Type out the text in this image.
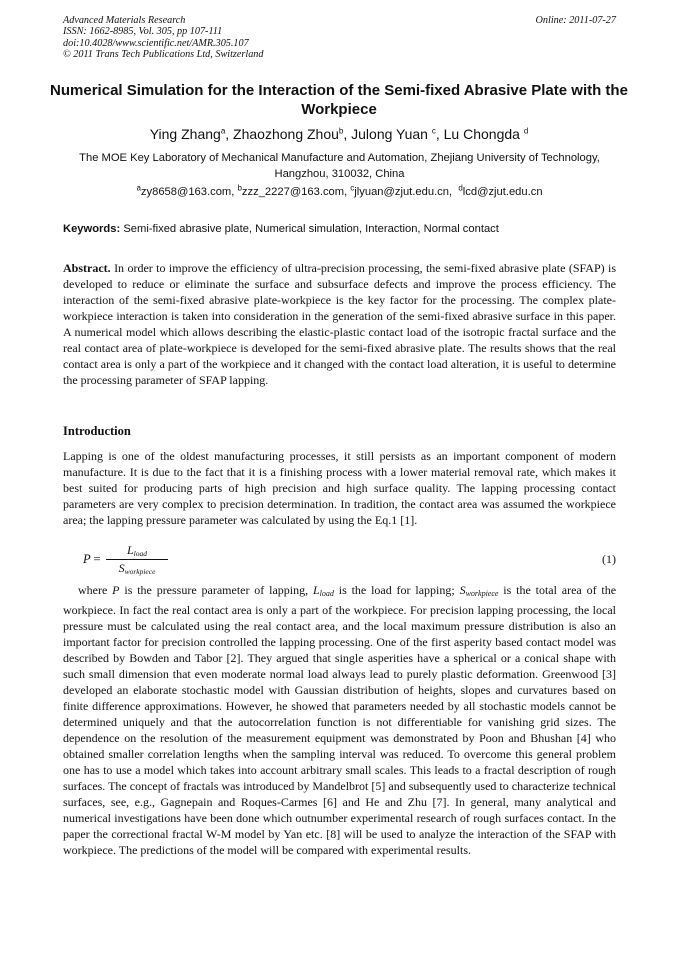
Advanced Materials Research
ISSN: 1662-8985, Vol. 305, pp 107-111
doi:10.4028/www.scientific.net/AMR.305.107
© 2011 Trans Tech Publications Ltd, Switzerland
Online: 2011-07-27
Numerical Simulation for the Interaction of the Semi-fixed Abrasive Plate with the Workpiece
Ying Zhang$^a$, Zhaozhong Zhou$^b$, Julong Yuan $^c$, Lu Chongda $^d$
The MOE Key Laboratory of Mechanical Manufacture and Automation, Zhejiang University of Technology, Hangzhou, 310032, China
$^a$zy8658@163.com, $^b$zzz_2227@163.com, $^c$jlyuan@zjut.edu.cn, $^d$lcd@zjut.edu.cn
Keywords: Semi-fixed abrasive plate, Numerical simulation, Interaction, Normal contact

Abstract. In order to improve the efficiency of ultra-precision processing, the semi-fixed abrasive plate (SFAP) is developed to reduce or eliminate the surface and subsurface defects and improve the process efficiency. The interaction of the semi-fixed abrasive plate-workpiece is the key factor for the processing. The complex plate-workpiece interaction is taken into consideration in the generation of the semi-fixed abrasive surface in this paper. A numerical model which allows describing the elastic-plastic contact load of the isotropic fractal surface and the real contact area of plate-workpiece is developed for the semi-fixed abrasive plate. The results shows that the real contact area is only a part of the workpiece and it changed with the contact load alteration, it is useful to determine the processing parameter of SFAP lapping.

Introduction

Lapping is one of the oldest manufacturing processes, it still persists as an important component of modern manufacture. It is due to the fact that it is a finishing process with a lower material removal rate, which makes it best suited for producing parts of high precision and high surface quality. The lapping processing contact parameters are very complex to precision determination. In tradition, the contact area was assumed the workpiece area; the lapping pressure parameter was calculated by using the Eq.1 [1].

P =
$L_{load}$
$S_{workpiece}$
(1)

where P is the pressure parameter of lapping, $L_{load}$ is the load for lapping; $S_{workpiece}$ is the total area of the workpiece. In fact the real contact area is only a part of the workpiece. For precision lapping processing, the local pressure must be calculated using the real contact area, and the local maximum pressure distribution is also an important factor for precision controlled the lapping processing. One of the first asperity based contact model was described by Bowden and Tabor [2]. They argued that single asperities have a spherical or a conical shape with such small dimension that even moderate normal load always lead to purely plastic deformation. Greenwood [3] developed an elaborate stochastic model with Gaussian distribution of heights, slopes and curvatures based on finite difference approximations. However, he showed that parameters needed by all stochastic models cannot be determined uniquely and that the autocorrelation function is not differentiable for vanishing grid sizes. The dependence on the resolution of the measurement equipment was demonstrated by Poon and Bhushan [4] who obtained smaller correlation lengths when the sampling interval was reduced. To overcome this general problem one has to use a model which takes into account arbitrary small scales. This leads to a fractal description of rough surfaces. The concept of fractals was introduced by Mandelbrot [5] and subsequently used to characterize technical surfaces, see, e.g., Gagnepain and Roques-Carmes [6] and He and Zhu [7]. In general, many analytical and numerical investigations have been done which outnumber experimental research of rough surfaces contact. In the paper the correctional fractal W-M model by Yan etc. [8] will be used to analyze the interaction of the SFAP with workpiece. The predictions of the model will be compared with experimental results.
